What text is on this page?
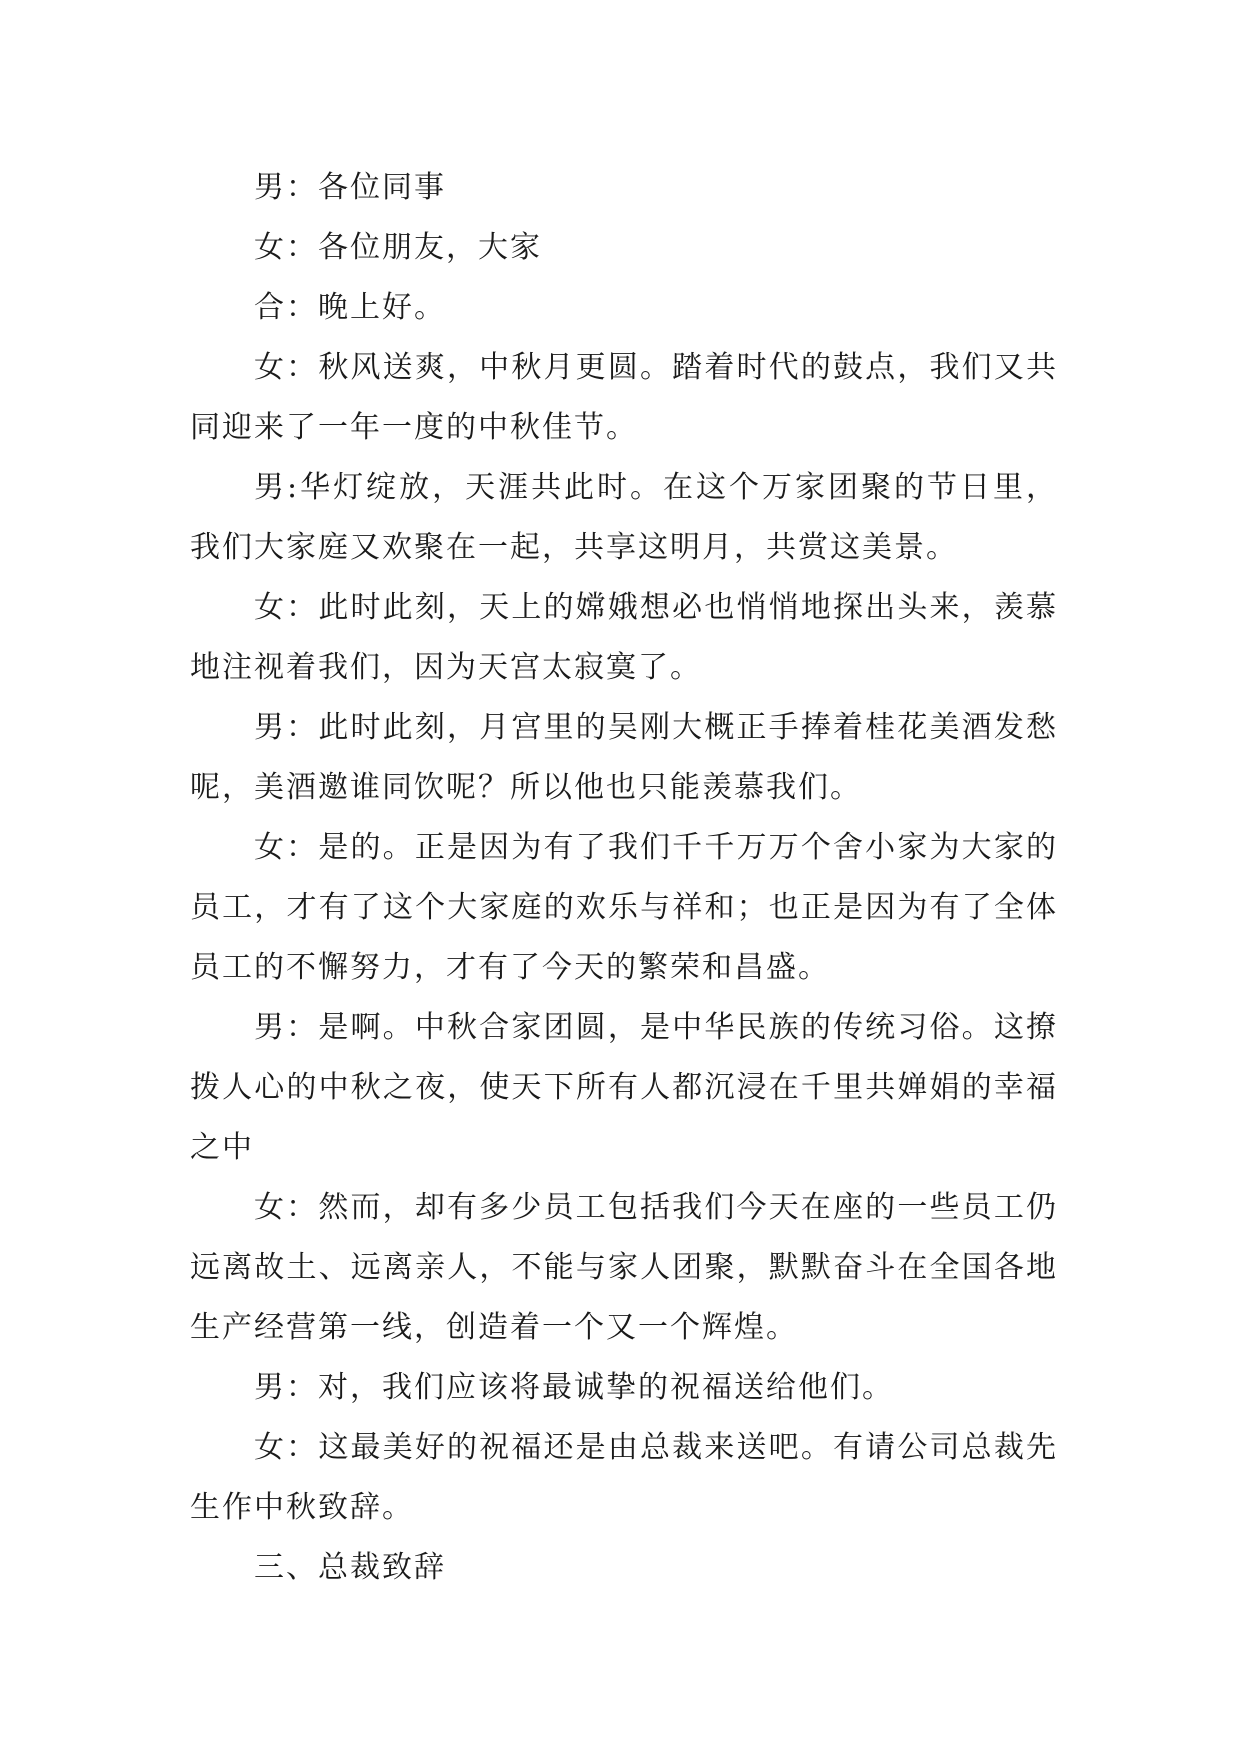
男：各位同事

女：各位朋友，大家

合：晚上好。

女：秋风送爽，中秋月更圆。踏着时代的鼓点，我们又共同迎来了一年一度的中秋佳节。

男:华灯绽放，天涯共此时。在这个万家团聚的节日里，我们大家庭又欢聚在一起，共享这明月，共赏这美景。

女：此时此刻，天上的嫦娥想必也悄悄地探出头来，羡慕地注视着我们，因为天宫太寂寞了。

男：此时此刻，月宫里的吴刚大概正手捧着桂花美酒发愁呢，美酒邀谁同饮呢？所以他也只能羡慕我们。

女：是的。正是因为有了我们千千万万个舍小家为大家的员工，才有了这个大家庭的欢乐与祥和；也正是因为有了全体员工的不懈努力，才有了今天的繁荣和昌盛。

男：是啊。中秋合家团圆，是中华民族的传统习俗。这撩拨人心的中秋之夜，使天下所有人都沉浸在千里共婵娟的幸福之中

女：然而，却有多少员工包括我们今天在座的一些员工仍远离故土、远离亲人，不能与家人团聚，默默奋斗在全国各地生产经营第一线，创造着一个又一个辉煌。

男：对，我们应该将最诚挚的祝福送给他们。

女：这最美好的祝福还是由总裁来送吧。有请公司总裁先生作中秋致辞。

三、总裁致辞
